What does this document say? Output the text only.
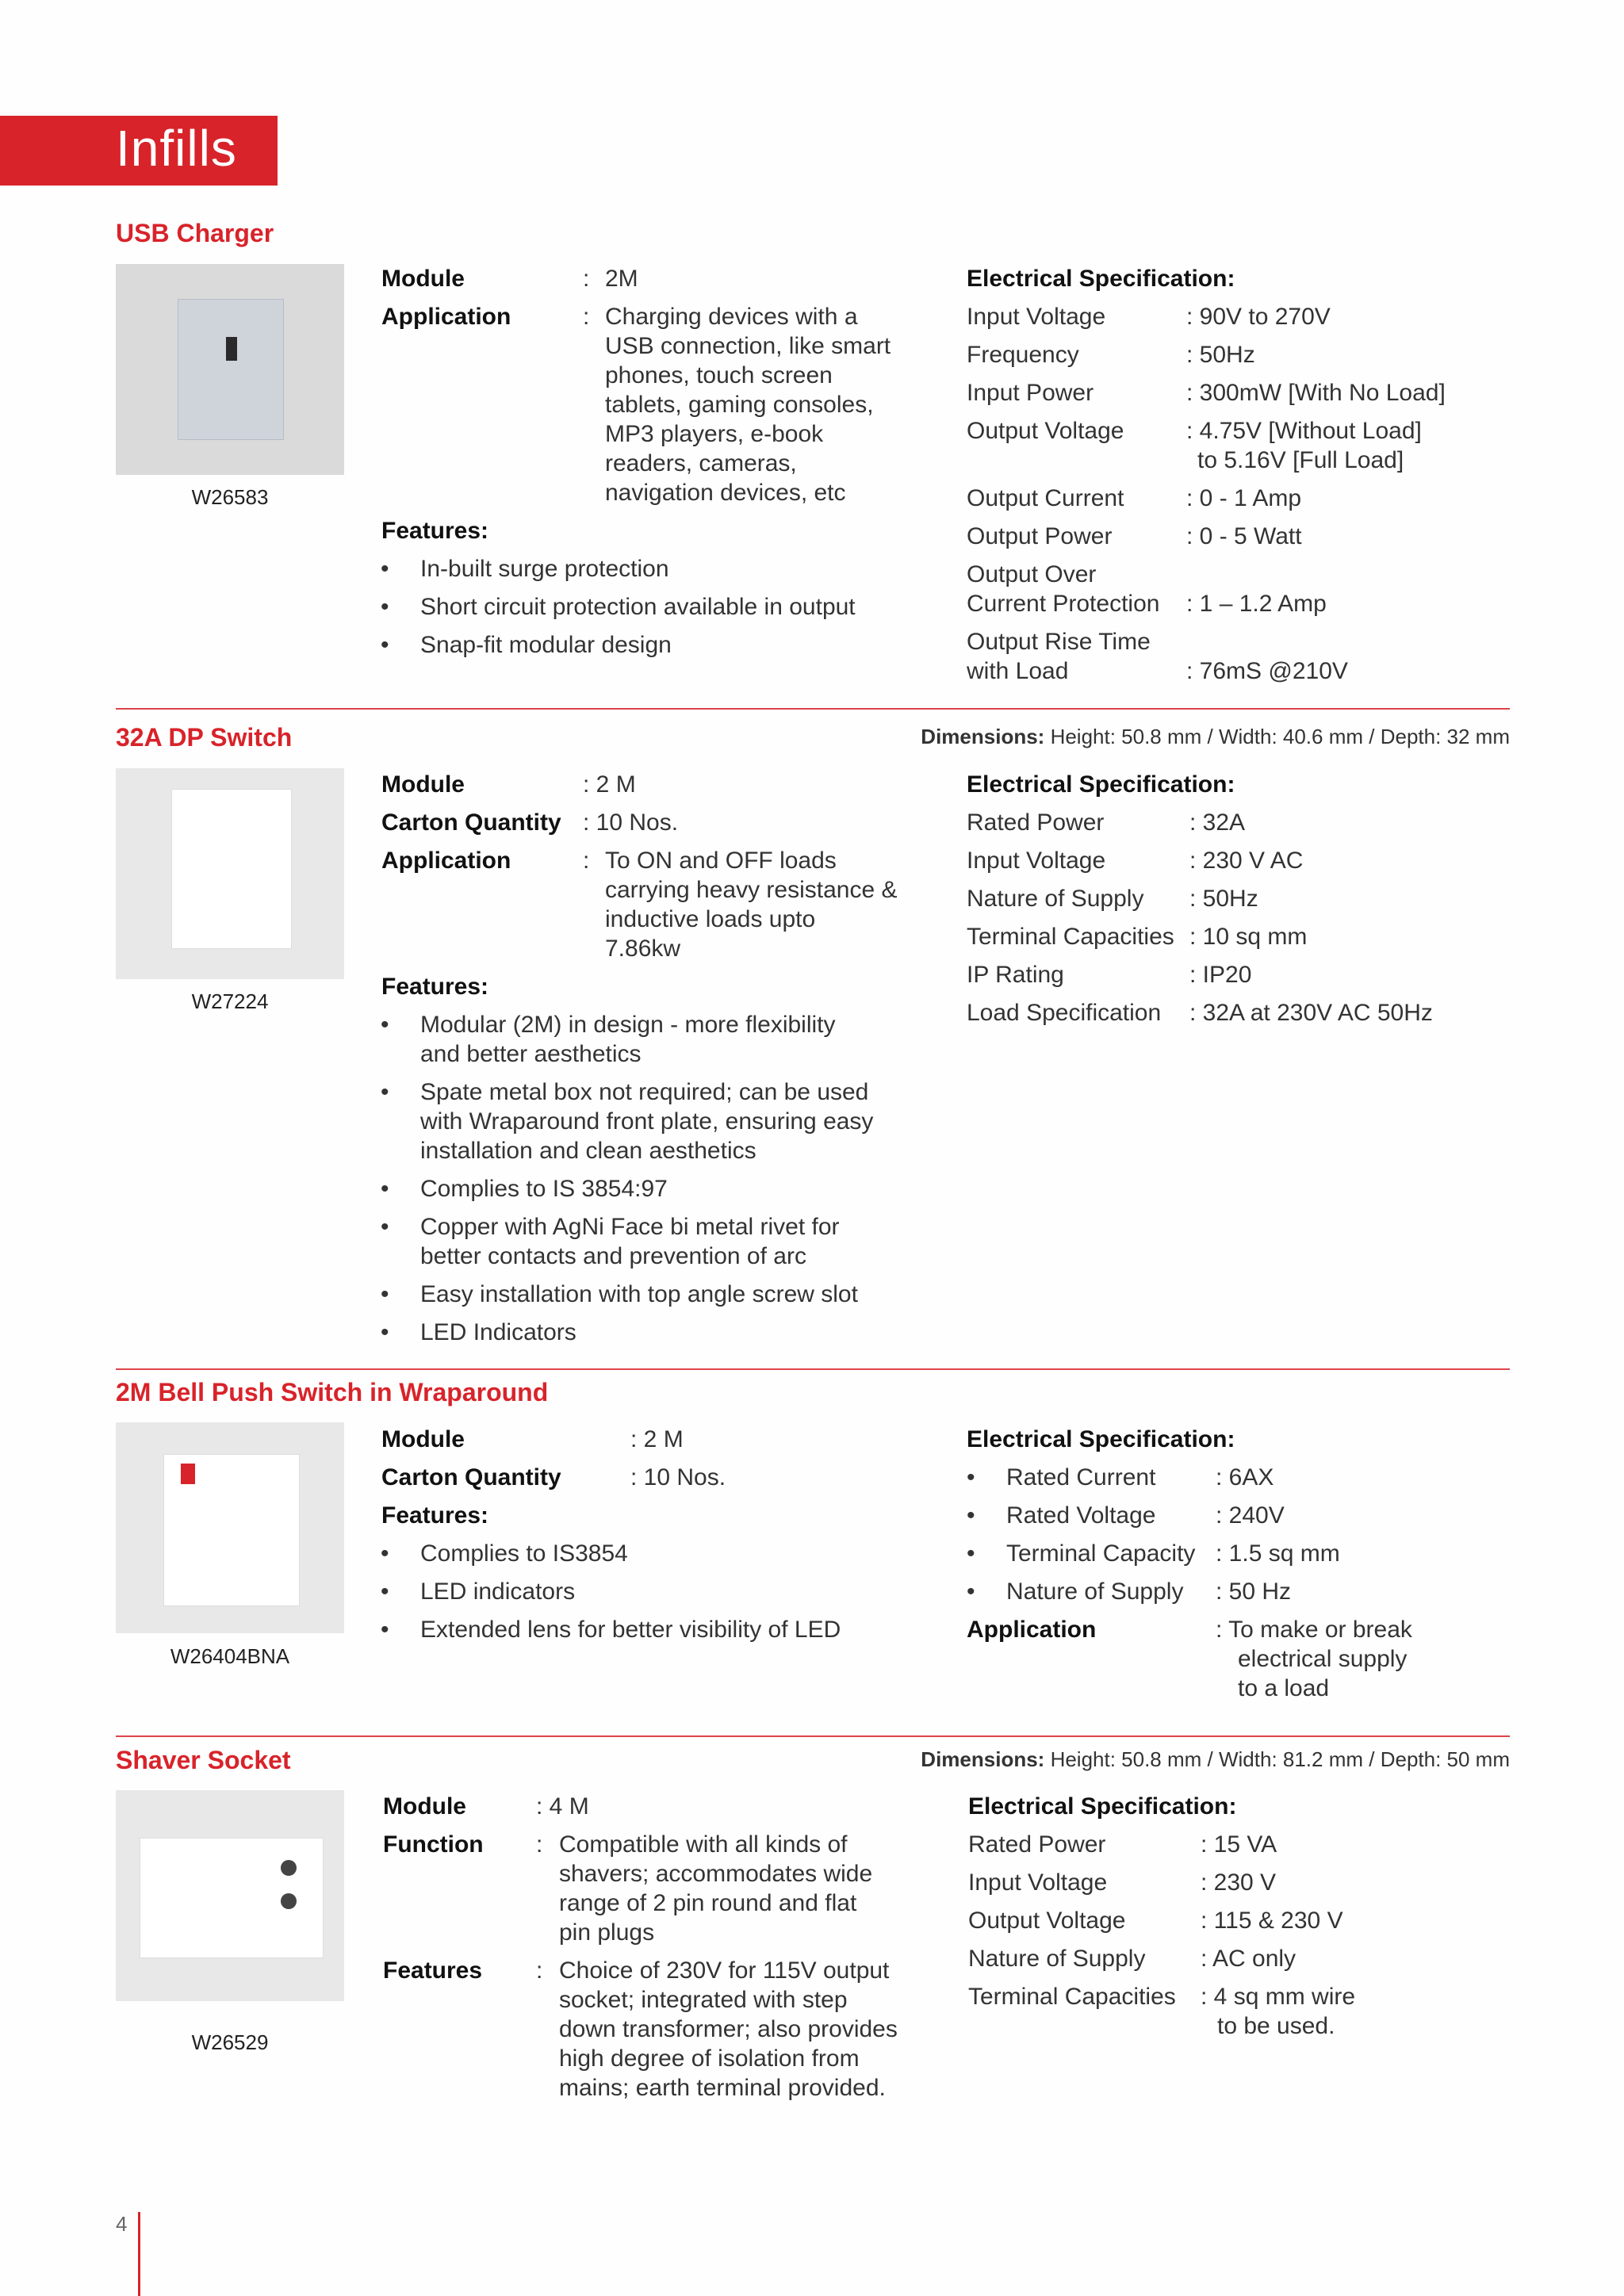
Infills
USB Charger
W26583
Module	: 2M
Application	: Charging devices with a
USB connection, like smart
phones, touch screen
tablets, gaming consoles,
MP3 players, e-book
readers, cameras,
navigation devices, etc
Features:
• In-built surge protection
• Short circuit protection available in output
• Snap-fit modular design
Electrical Specification:
Input Voltage	: 90V to 270V
Frequency	: 50Hz
Input Power	: 300mW [With No Load]
Output Voltage	: 4.75V [Without Load]
to 5.16V [Full Load]
Output Current	: 0 - 1 Amp
Output Power	: 0 - 5 Watt
Output Over
Current Protection : 1 – 1.2 Amp
Output Rise Time
with Load	: 76mS @210V
32A DP Switch	Dimensions: Height: 50.8 mm / Width: 40.6 mm / Depth: 32 mm
W27224
Module	: 2 M
Carton Quantity : 10 Nos.
Application	: To ON and OFF loads
carrying heavy resistance &
inductive loads upto
7.86kw
Features:
• Modular (2M) in design - more flexibility
and better aesthetics
• Spate metal box not required; can be used
with Wraparound front plate, ensuring easy
installation and clean aesthetics
• Complies to IS 3854:97
• Copper with AgNi Face bi metal rivet for
better contacts and prevention of arc
• Easy installation with top angle screw slot
• LED Indicators
Electrical Specification:
Rated Power	: 32A
Input Voltage	: 230 V AC
Nature of Supply : 50Hz
Terminal Capacities : 10 sq mm
IP Rating	: IP20
Load Specification : 32A at 230V AC 50Hz
2M Bell Push Switch in Wraparound
W26404BNA
Module	: 2 M
Carton Quantity	: 10 Nos.
Features:
• Complies to IS3854
• LED indicators
• Extended lens for better visibility of LED
Electrical Specification:
• Rated Current	: 6AX
• Rated Voltage	: 240V
• Terminal Capacity : 1.5 sq mm
• Nature of Supply : 50 Hz
Application	: To make or break
electrical supply
to a load
Shaver Socket	Dimensions: Height: 50.8 mm / Width: 81.2 mm / Depth: 50 mm
W26529
Module	: 4 M
Function : Compatible with all kinds of
shavers; accommodates wide
range of 2 pin round and flat
pin plugs
Features : Choice of 230V for 115V output
socket; integrated with step
down transformer; also provides
high degree of isolation from
mains; earth terminal provided.
Electrical Specification:
Rated Power	: 15 VA
Input Voltage	: 230 V
Output Voltage	: 115 & 230 V
Nature of Supply : AC only
Terminal Capacities : 4 sq mm wire
to be used.
4
